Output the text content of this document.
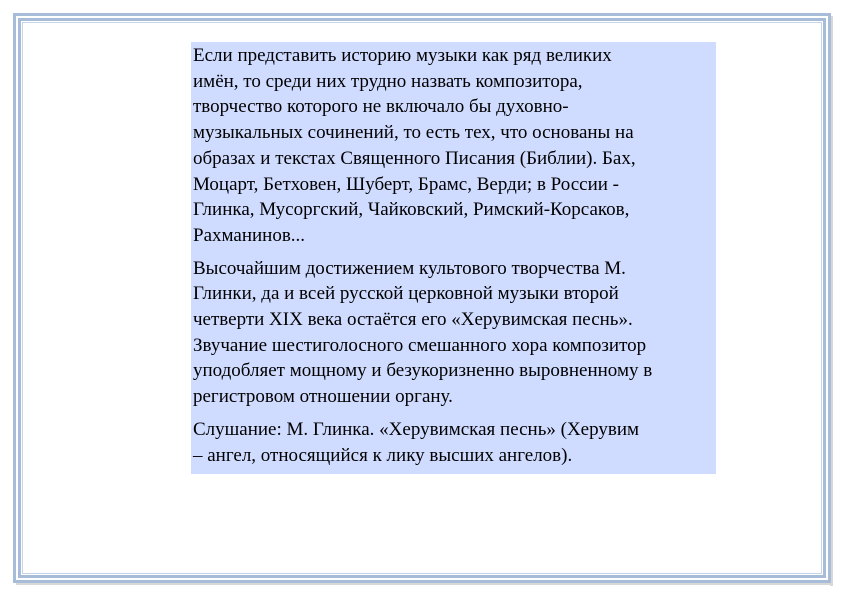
Если представить историю музыки как ряд великих
имён, то среди них трудно назвать композитора,
творчество которого не включало бы духовно-
музыкальных сочинений, то есть тех, что основаны на
образах и текстах Священного Писания (Библии). Бах,
Моцарт, Бетховен, Шуберт, Брамс, Верди; в России -
Глинка, Мусоргский, Чайковский, Римский-Корсаков,
Рахманинов...

Высочайшим достижением культового творчества М.
Глинки, да и всей русской церковной музыки второй
четверти XIX века остаётся его «Херувимская песнь».
Звучание шестиголосного смешанного хора композитор
уподобляет мощному и безукоризненно выровненному в
регистровом отношении органу.

Слушание: М. Глинка. «Херувимская песнь» (Херувим
– ангел, относящийся к лику высших ангелов).
